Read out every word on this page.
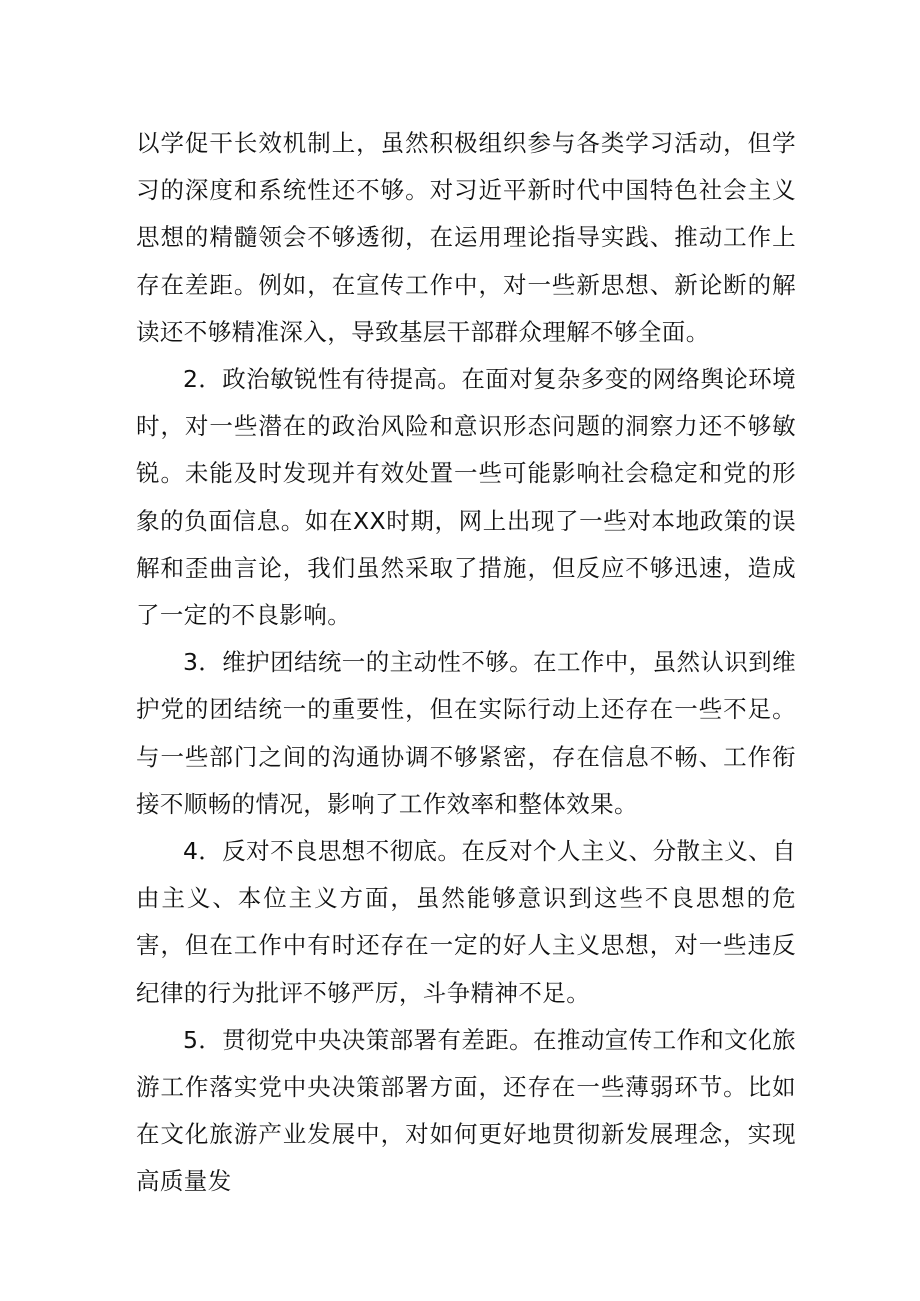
以学促干长效机制上，虽然积极组织参与各类学习活动，但学习的深度和系统性还不够。对习近平新时代中国特色社会主义思想的精髓领会不够透彻，在运用理论指导实践、推动工作上存在差距。例如，在宣传工作中，对一些新思想、新论断的解读还不够精准深入，导致基层干部群众理解不够全面。

2．政治敏锐性有待提高。在面对复杂多变的网络舆论环境时，对一些潜在的政治风险和意识形态问题的洞察力还不够敏锐。未能及时发现并有效处置一些可能影响社会稳定和党的形象的负面信息。如在XX时期，网上出现了一些对本地政策的误解和歪曲言论，我们虽然采取了措施，但反应不够迅速，造成了一定的不良影响。

3．维护团结统一的主动性不够。在工作中，虽然认识到维护党的团结统一的重要性，但在实际行动上还存在一些不足。与一些部门之间的沟通协调不够紧密，存在信息不畅、工作衔接不顺畅的情况，影响了工作效率和整体效果。

4．反对不良思想不彻底。在反对个人主义、分散主义、自由主义、本位主义方面，虽然能够意识到这些不良思想的危害，但在工作中有时还存在一定的好人主义思想，对一些违反纪律的行为批评不够严厉，斗争精神不足。

5．贯彻党中央决策部署有差距。在推动宣传工作和文化旅游工作落实党中央决策部署方面，还存在一些薄弱环节。比如在文化旅游产业发展中，对如何更好地贯彻新发展理念，实现高质量发
